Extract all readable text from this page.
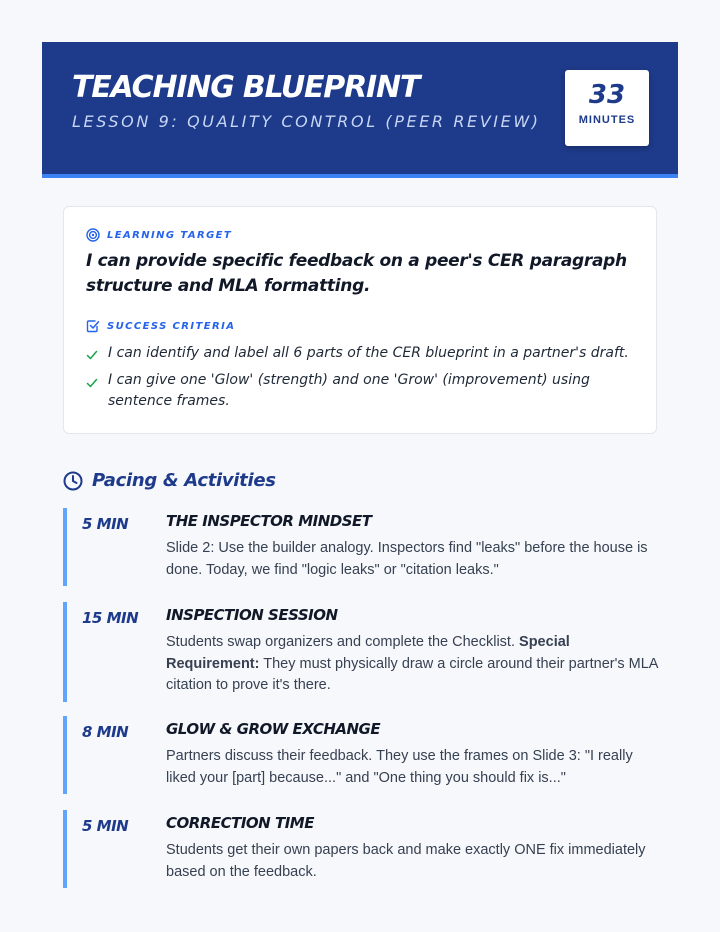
TEACHING BLUEPRINT
LESSON 9: QUALITY CONTROL (PEER REVIEW)
33
MINUTES
LEARNING TARGET
I can provide specific feedback on a peer's CER paragraph structure and MLA formatting.
SUCCESS CRITERIA
I can identify and label all 6 parts of the CER blueprint in a partner's draft.
I can give one 'Glow' (strength) and one 'Grow' (improvement) using sentence frames.
Pacing & Activities
5 MIN	THE INSPECTOR MINDSET
Slide 2: Use the builder analogy. Inspectors find "leaks" before the house is done. Today, we find "logic leaks" or "citation leaks."
15 MIN INSPECTION SESSION
Students swap organizers and complete the Checklist. Special Requirement: They must physically draw a circle around their partner's MLA citation to prove it's there.
8 MIN	GLOW & GROW EXCHANGE
Partners discuss their feedback. They use the frames on Slide 3: "I really liked your [part] because..." and "One thing you should fix is..."
5 MIN	CORRECTION TIME
Students get their own papers back and make exactly ONE fix immediately based on the feedback.
